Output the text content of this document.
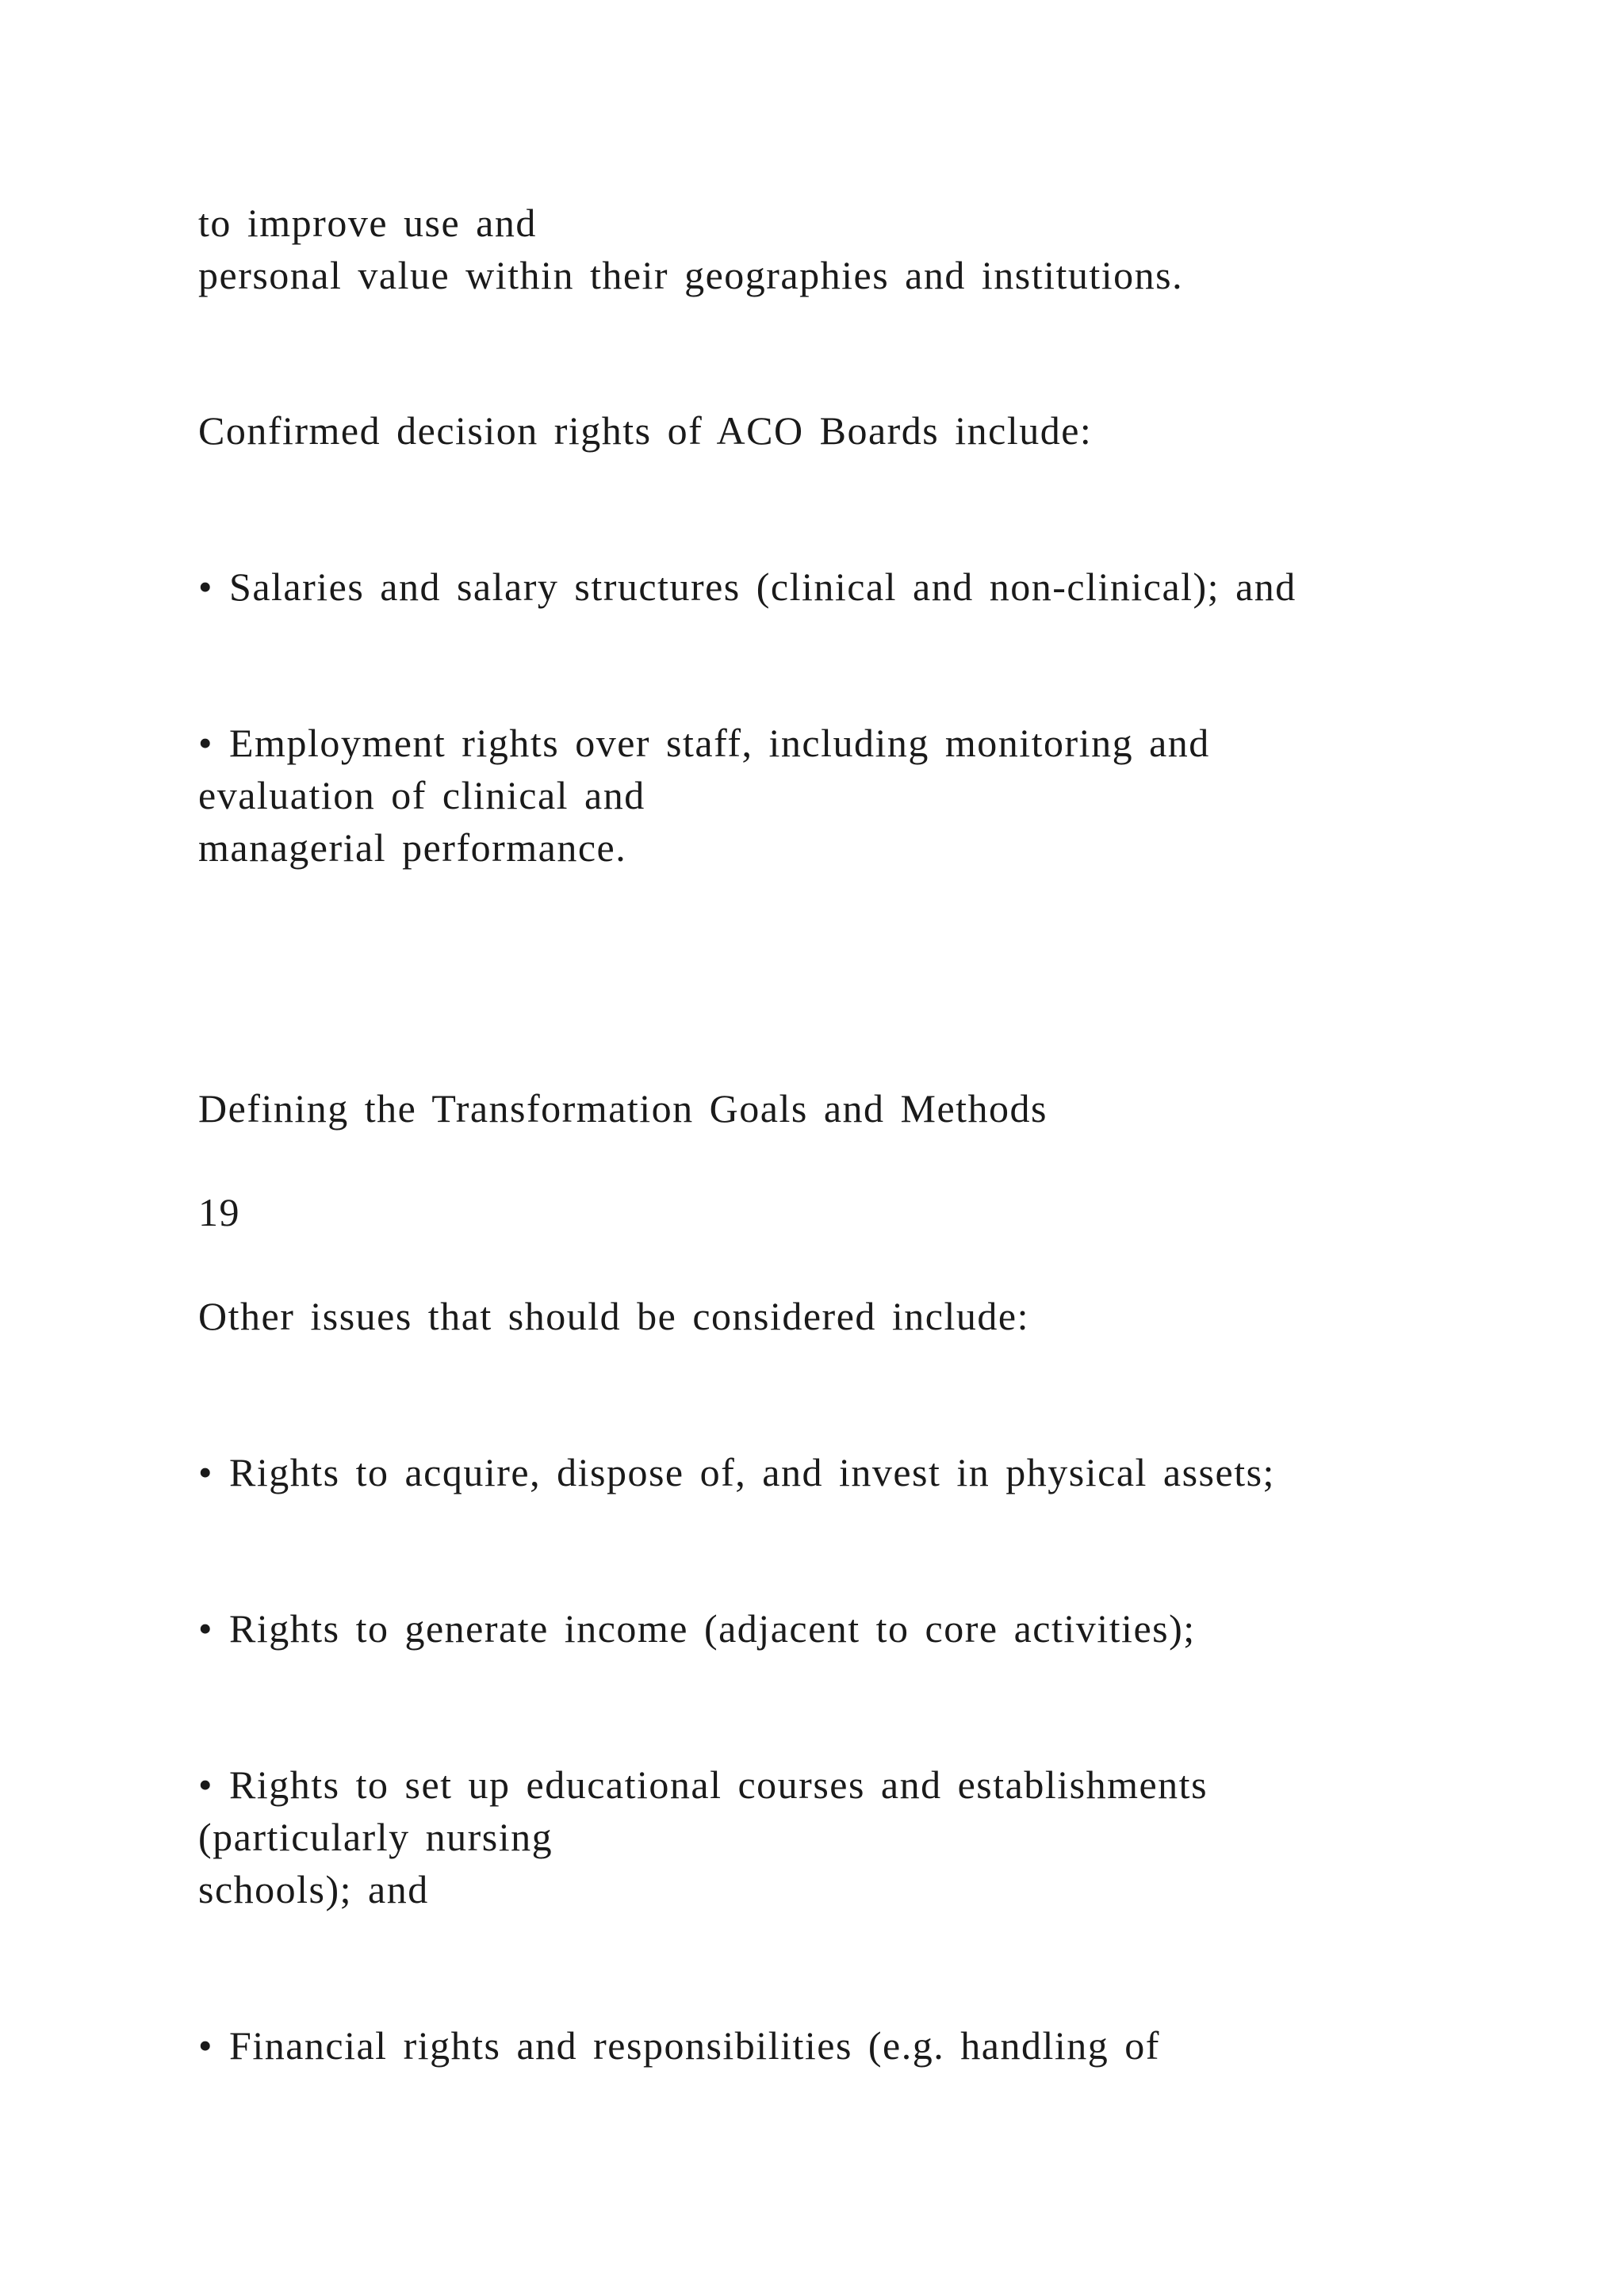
to improve use and
personal value within their geographies and institutions.
Confirmed decision rights of ACO Boards include:
• Salaries and salary structures (clinical and non-clinical); and
• Employment rights over staff, including monitoring and
evaluation of clinical and
managerial performance.
Defining the Transformation Goals and Methods
19
Other issues that should be considered include:
• Rights to acquire, dispose of, and invest in physical assets;
• Rights to generate income (adjacent to core activities);
• Rights to set up educational courses and establishments
(particularly nursing
schools); and
• Financial rights and responsibilities (e.g. handling of
